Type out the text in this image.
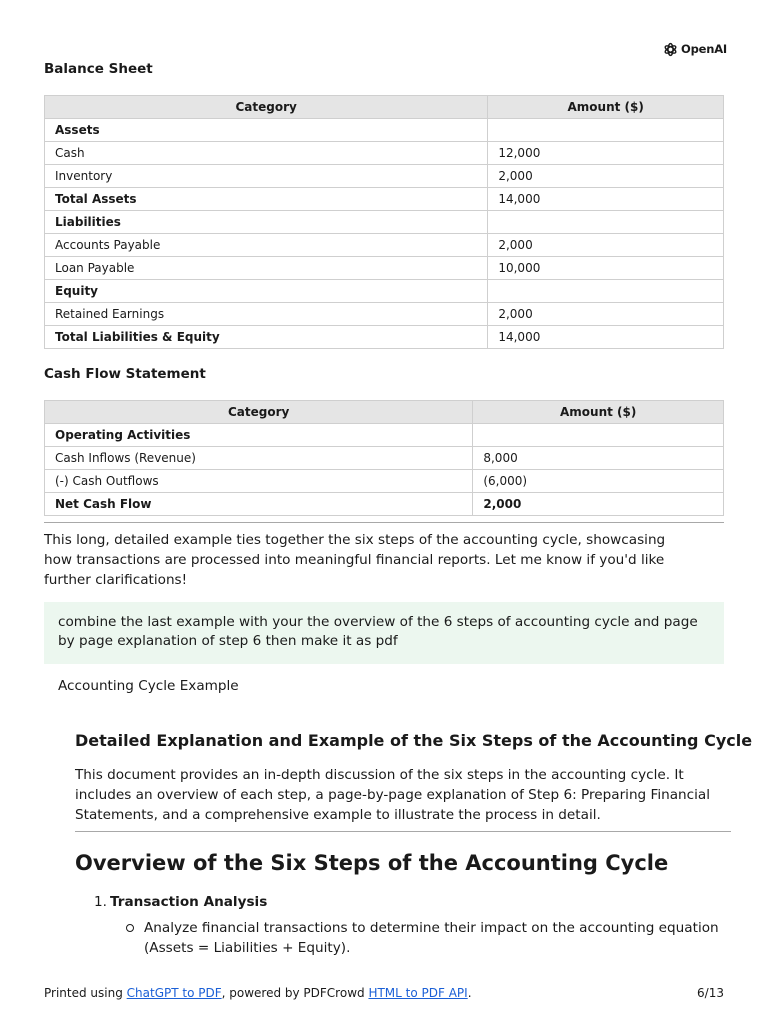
OpenAI
Balance Sheet
Category	Amount ($)
Assets	
Cash	12,000
Inventory	2,000
Total Assets	14,000
Liabilities	
Accounts Payable	2,000
Loan Payable	10,000
Equity	
Retained Earnings	2,000
Total Liabilities & Equity	14,000
Cash Flow Statement
Category	Amount ($)
Operating Activities	
Cash Inflows (Revenue)	8,000
(-) Cash Outflows	(6,000)
Net Cash Flow	2,000

This long, detailed example ties together the six steps of the accounting cycle, showcasing how transactions are processed into meaningful financial reports. Let me know if you'd like further clarifications!

combine the last example with your the overview of the 6 steps of accounting cycle and page by page explanation of step 6 then make it as pdf

Accounting Cycle Example

Detailed Explanation and Example of the Six Steps of the Accounting Cycle

This document provides an in-depth discussion of the six steps in the accounting cycle. It includes an overview of each step, a page-by-page explanation of Step 6: Preparing Financial Statements, and a comprehensive example to illustrate the process in detail.

Overview of the Six Steps of the Accounting Cycle

1. Transaction Analysis

Analyze financial transactions to determine their impact on the accounting equation (Assets = Liabilities + Equity).
Printed using ChatGPT to PDF, powered by PDFCrowd HTML to PDF API.	6/13
